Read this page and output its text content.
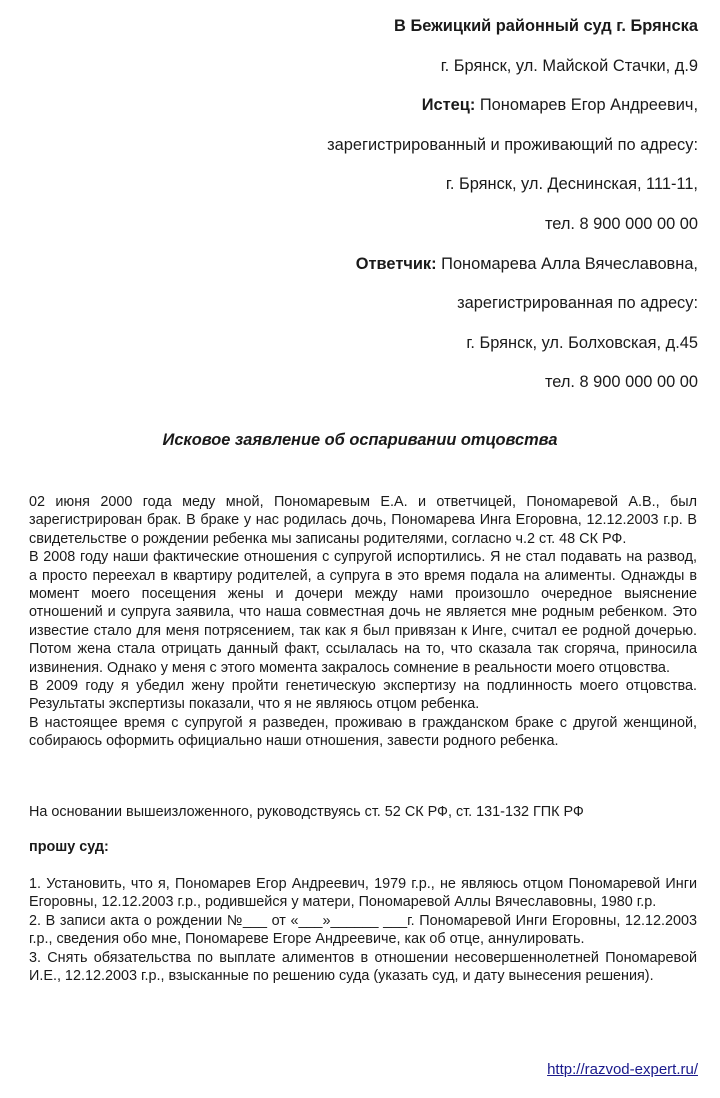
В Бежицкий районный суд г. Брянска
г. Брянск, ул. Майской Стачки, д.9
Истец: Пономарев Егор Андреевич,
зарегистрированный и проживающий по адресу:
г. Брянск, ул. Деснинская, 111-11,
тел. 8 900 000 00 00
Ответчик: Пономарева Алла Вячеславовна,
зарегистрированная по адресу:
г. Брянск, ул. Болховская, д.45
тел. 8 900 000 00 00
Исковое заявление об оспаривании отцовства

02 июня 2000 года меду мной, Пономаревым Е.А. и ответчицей, Пономаревой А.В., был зарегистрирован брак. В браке у нас родилась дочь, Пономарева Инга Егоровна, 12.12.2003 г.р. В свидетельстве о рождении ребенка мы записаны родителями, согласно ч.2 ст. 48 СК РФ.

В 2008 году наши фактические отношения с супругой испортились. Я не стал подавать на развод, а просто переехал в квартиру родителей, а супруга в это время подала на алименты. Однажды в момент моего посещения жены и дочери между нами произошло очередное выяснение отношений и супруга заявила, что наша совместная дочь не является мне родным ребенком. Это известие стало для меня потрясением, так как я был привязан к Инге, считал ее родной дочерью. Потом жена стала отрицать данный факт, ссылалась на то, что сказала так сгоряча, приносила извинения. Однако у меня с этого момента закралось сомнение в реальности моего отцовства.

В 2009 году я убедил жену пройти генетическую экспертизу на подлинность моего отцовства. Результаты экспертизы показали, что я не являюсь отцом ребенка.

В настоящее время с супругой я разведен, проживаю в гражданском браке с другой женщиной, собираюсь оформить официально наши отношения, завести родного ребенка.

На основании вышеизложенного, руководствуясь ст. 52 СК РФ, ст. 131-132 ГПК РФ

прошу суд:

1. Установить, что я, Пономарев Егор Андреевич, 1979 г.р., не являюсь отцом Пономаревой Инги Егоровны, 12.12.2003 г.р., родившейся у матери, Пономаревой Аллы Вячеславовны, 1980 г.р.

2. В записи акта о рождении №___ от «___»______ ___г. Пономаревой Инги Егоровны, 12.12.2003 г.р., сведения обо мне, Пономареве Егоре Андреевиче, как об отце, аннулировать.

3. Снять обязательства по выплате алиментов в отношении несовершеннолетней Пономаревой И.Е., 12.12.2003 г.р., взысканные по решению суда (указать суд, и дату вынесения решения).

http://razvod-expert.ru/
